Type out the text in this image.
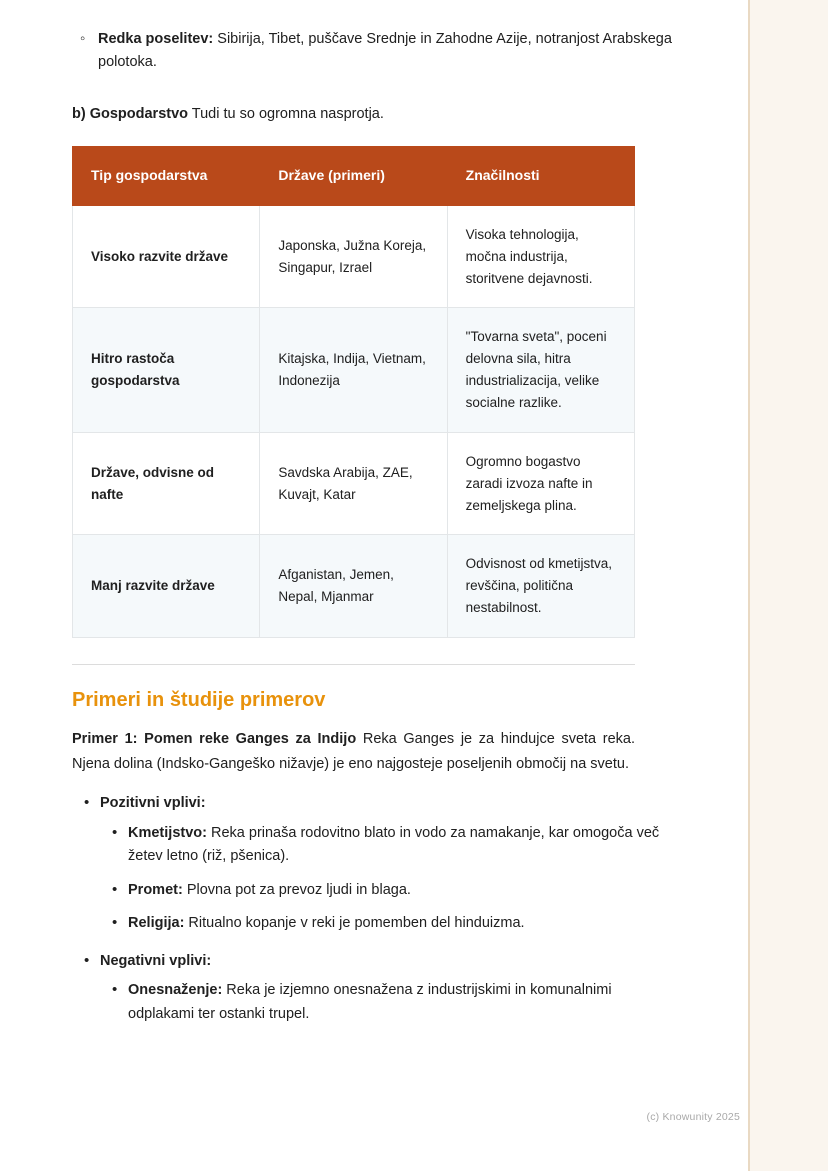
◦ Redka poselitev: Sibirija, Tibet, puščave Srednje in Zahodne Azije, notranjost Arabskega polotoka.

b) Gospodarstvo Tudi tu so ogromna nasprotja.

Tip gospodarstva	Države (primeri)	Značilnosti
Visoko razvite države	Japonska, Južna Koreja, Singapur, Izrael	Visoka tehnologija, močna industrija, storitvene dejavnosti.
Hitro rastoča gospodarstva	Kitajska, Indija, Vietnam, Indonezija	"Tovarna sveta", poceni delovna sila, hitra industrializacija, velike socialne razlike.
Države, odvisne od nafte	Savdska Arabija, ZAE, Kuvajt, Katar	Ogromno bogastvo zaradi izvoza nafte in zemeljskega plina.
Manj razvite države	Afganistan, Jemen, Nepal, Mjanmar	Odvisnost od kmetijstva, revščina, politična nestabilnost.
Primeri in študije primerov

Primer 1: Pomen reke Ganges za Indijo Reka Ganges je za hindujce sveta reka. Njena dolina (Indsko-Gangeško nižavje) je eno najgosteje poseljenih območij na svetu.

• Pozitivni vplivi:
• Kmetijstvo: Reka prinaša rodovitno blato in vodo za namakanje, kar omogoča več žetev letno (riž, pšenica).
• Promet: Plovna pot za prevoz ljudi in blaga.
• Religija: Ritualno kopanje v reki je pomemben del hinduizma.
• Negativni vplivi:
• Onesnaženje: Reka je izjemno onesnažena z industrijskimi in komunalnimi odplakami ter ostanki trupel.
(c) Knowunity 2025
